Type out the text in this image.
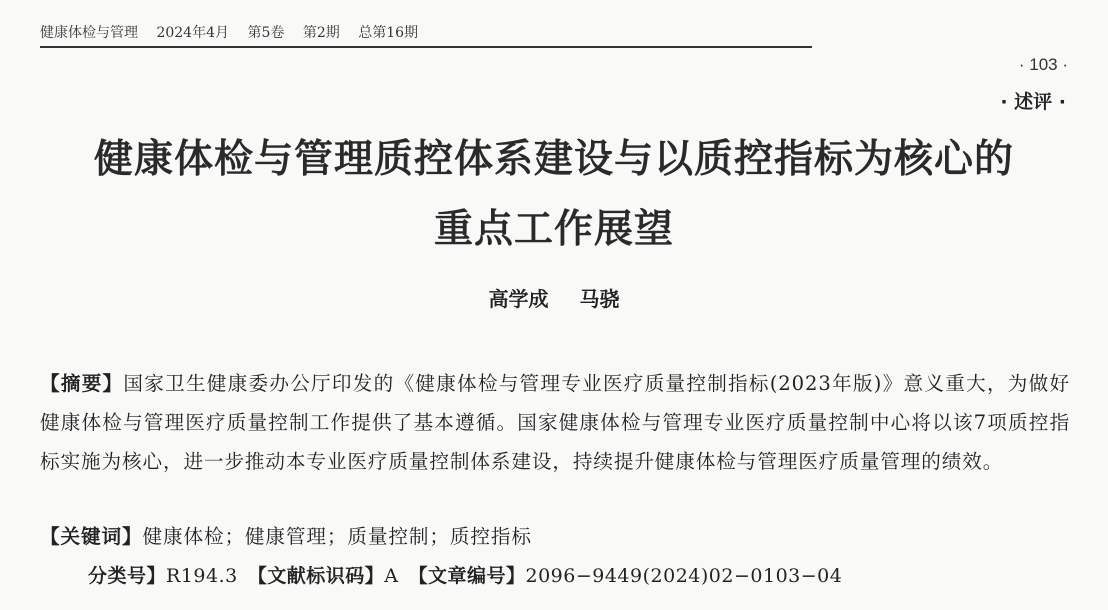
健康体检与管理 2024年4月 第5卷 第2期 总第16期
· 103 ·
· 述评 ·
健康体检与管理质控体系建设与以质控指标为核心的
重点工作展望
高学成 马骁
【摘要】国家卫生健康委办公厅印发的《健康体检与管理专业医疗质量控制指标(2023年版)》意义重大，为做好健康体检与管理医疗质量控制工作提供了基本遵循。国家健康体检与管理专业医疗质量控制中心将以该7项质控指标实施为核心，进一步推动本专业医疗质量控制体系建设，持续提升健康体检与管理医疗质量管理的绩效。
【关键词】健康体检；健康管理；质量控制；质控指标
分类号】R194.3 【文献标识码】A 【文章编号】2096−9449(2024)02−0103−04
